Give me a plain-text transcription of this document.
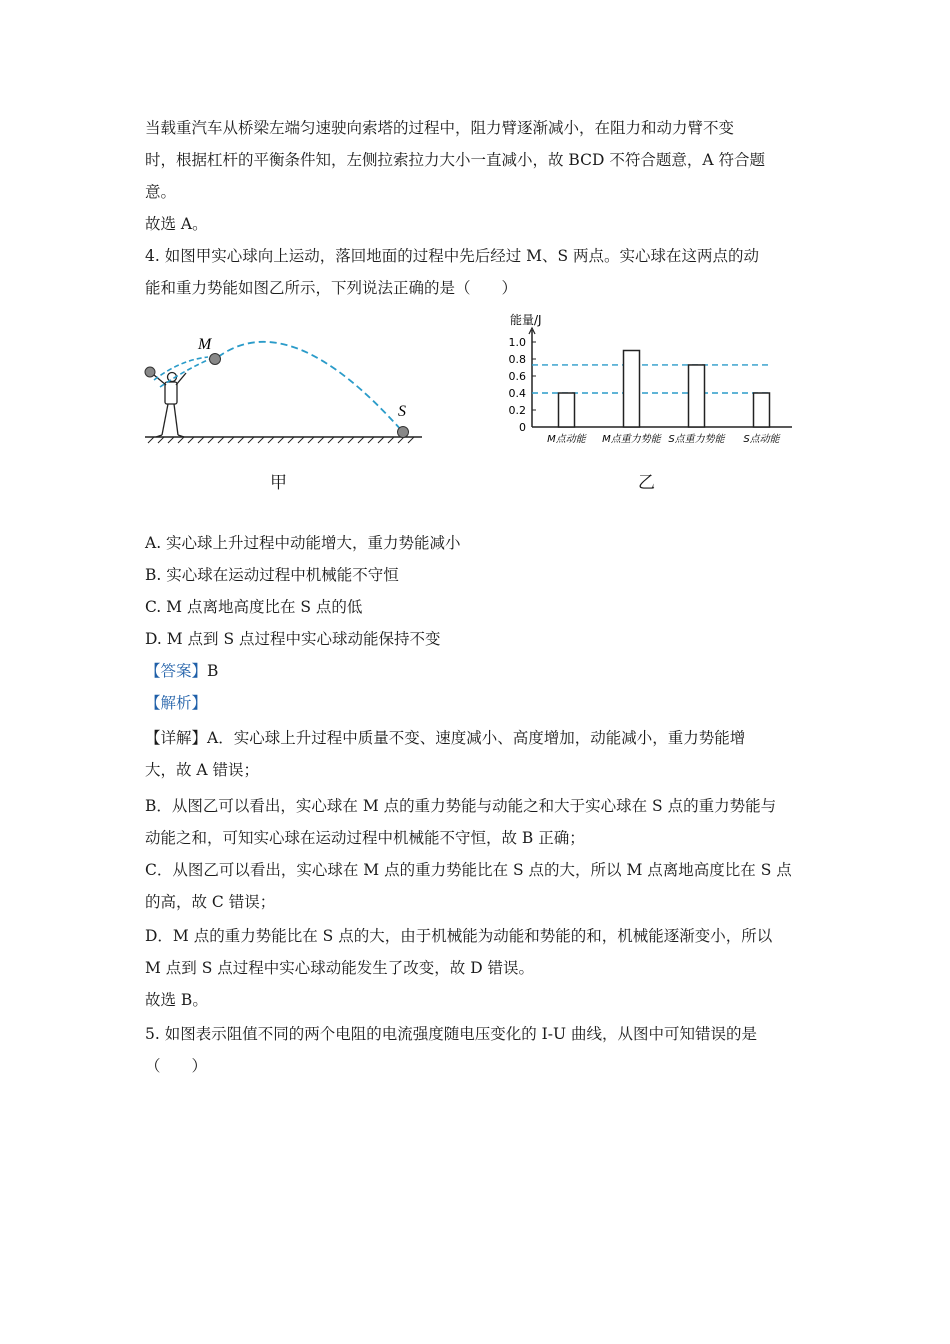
当载重汽车从桥梁左端匀速驶向索塔的过程中，阻力臂逐渐减小，在阻力和动力臂不变
时，根据杠杆的平衡条件知，左侧拉索拉力大小一直减小，故 BCD 不符合题意，A 符合题
意。
故选 A。
4. 如图甲实心球向上运动，落回地面的过程中先后经过 M、S 两点。实心球在这两点的动
能和重力势能如图乙所示，下列说法正确的是（　　）
M
S
甲
能量/J
0
0.2
0.4
0.6
0.8
1.0
M点动能 M点重力势能 S点重力势能 S点动能
乙
A. 实心球上升过程中动能增大，重力势能减小
B. 实心球在运动过程中机械能不守恒
C. M 点离地高度比在 S 点的低
D. M 点到 S 点过程中实心球动能保持不变
【答案】B
【解析】
【详解】A．实心球上升过程中质量不变、速度减小、高度增加，动能减小，重力势能增
大，故 A 错误；
B．从图乙可以看出，实心球在 M 点的重力势能与动能之和大于实心球在 S 点的重力势能与
动能之和，可知实心球在运动过程中机械能不守恒，故 B 正确；
C．从图乙可以看出，实心球在 M 点的重力势能比在 S 点的大，所以 M 点离地高度比在 S 点
的高，故 C 错误；
D．M 点的重力势能比在 S 点的大，由于机械能为动能和势能的和，机械能逐渐变小，所以
M 点到 S 点过程中实心球动能发生了改变，故 D 错误。
故选 B。
5. 如图表示阻值不同的两个电阻的电流强度随电压变化的 I-U 曲线，从图中可知错误的是
（　　）
